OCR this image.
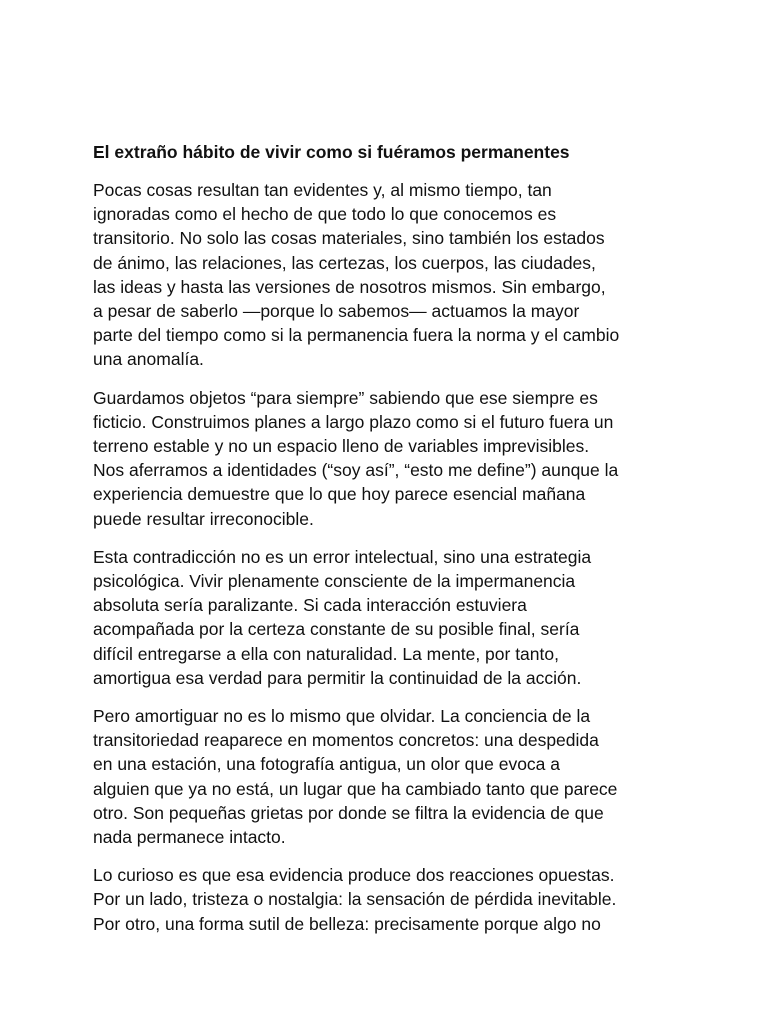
El extraño hábito de vivir como si fuéramos permanentes
Pocas cosas resultan tan evidentes y, al mismo tiempo, tan
ignoradas como el hecho de que todo lo que conocemos es
transitorio. No solo las cosas materiales, sino también los estados
de ánimo, las relaciones, las certezas, los cuerpos, las ciudades,
las ideas y hasta las versiones de nosotros mismos. Sin embargo,
a pesar de saberlo —porque lo sabemos— actuamos la mayor
parte del tiempo como si la permanencia fuera la norma y el cambio
una anomalía.
Guardamos objetos “para siempre” sabiendo que ese siempre es
ficticio. Construimos planes a largo plazo como si el futuro fuera un
terreno estable y no un espacio lleno de variables imprevisibles.
Nos aferramos a identidades (“soy así”, “esto me define”) aunque la
experiencia demuestre que lo que hoy parece esencial mañana
puede resultar irreconocible.
Esta contradicción no es un error intelectual, sino una estrategia
psicológica. Vivir plenamente consciente de la impermanencia
absoluta sería paralizante. Si cada interacción estuviera
acompañada por la certeza constante de su posible final, sería
difícil entregarse a ella con naturalidad. La mente, por tanto,
amortigua esa verdad para permitir la continuidad de la acción.
Pero amortiguar no es lo mismo que olvidar. La conciencia de la
transitoriedad reaparece en momentos concretos: una despedida
en una estación, una fotografía antigua, un olor que evoca a
alguien que ya no está, un lugar que ha cambiado tanto que parece
otro. Son pequeñas grietas por donde se filtra la evidencia de que
nada permanece intacto.
Lo curioso es que esa evidencia produce dos reacciones opuestas.
Por un lado, tristeza o nostalgia: la sensación de pérdida inevitable.
Por otro, una forma sutil de belleza: precisamente porque algo no
